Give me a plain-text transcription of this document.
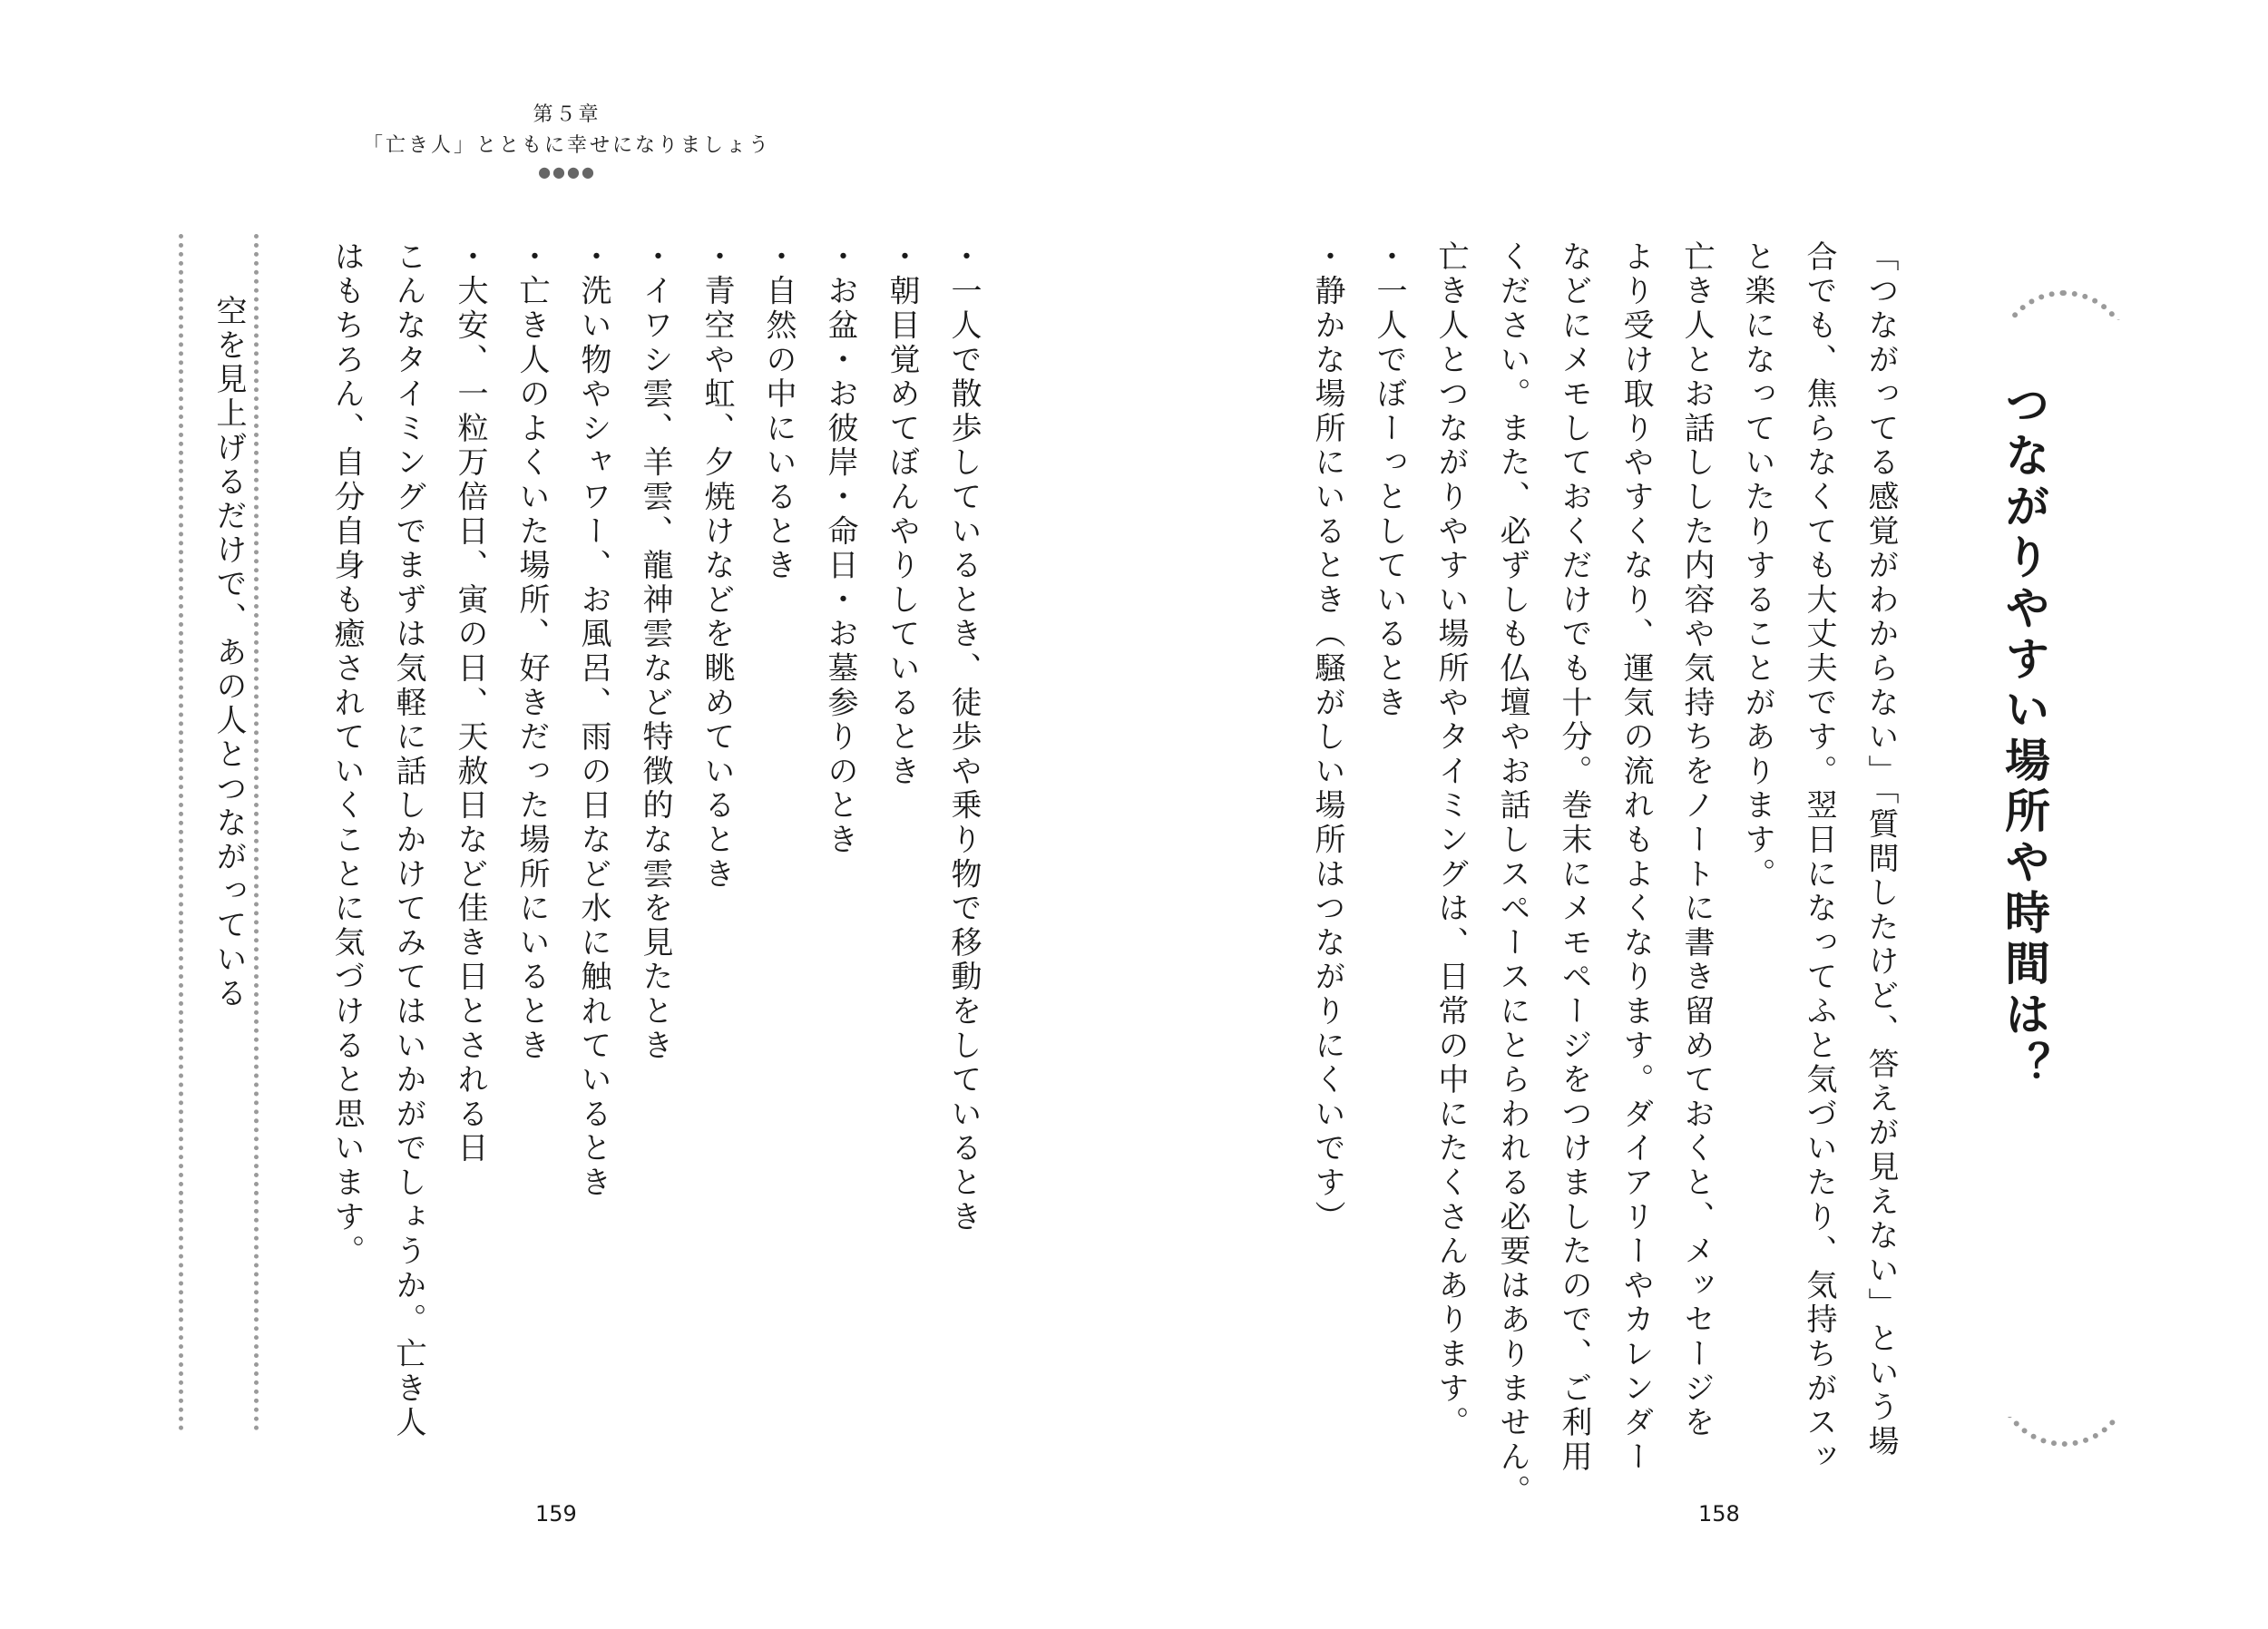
つながりやすい場所や時間は？
「つながってる感覚がわからない」「質問したけど、答えが見えない」という場
合でも、焦らなくても大丈夫です。翌日になってふと気づいたり、気持ちがスッ
と楽になっていたりすることがあります。
亡き人とお話しした内容や気持ちをノートに書き留めておくと、メッセージを
より受け取りやすくなり、運気の流れもよくなります。ダイアリーやカレンダー
などにメモしておくだけでも十分。巻末にメモページをつけましたので、ご利用
ください。また、必ずしも仏壇やお話しスペースにとらわれる必要はありません。
亡き人とつながりやすい場所やタイミングは、日常の中にたくさんあります。
・一人でぼーっとしているとき
・静かな場所にいるとき（騒がしい場所はつながりにくいです）
158
第５章
「亡き人」とともに幸せになりましょう
●●●●
・一人で散歩しているとき、徒歩や乗り物で移動をしているとき
・朝目覚めてぼんやりしているとき
・お盆・お彼岸・命日・お墓参りのとき
・自然の中にいるとき
・青空や虹、夕焼けなどを眺めているとき
・イワシ雲、羊雲、龍神雲など特徴的な雲を見たとき
・洗い物やシャワー、お風呂、雨の日など水に触れているとき
・亡き人のよくいた場所、好きだった場所にいるとき
・大安、一粒万倍日、寅の日、天赦日など佳き日とされる日
こんなタイミングでまずは気軽に話しかけてみてはいかがでしょうか。亡き人
はもちろん、自分自身も癒されていくことに気づけると思います。
空を見上げるだけで、あの人とつながっている
159
